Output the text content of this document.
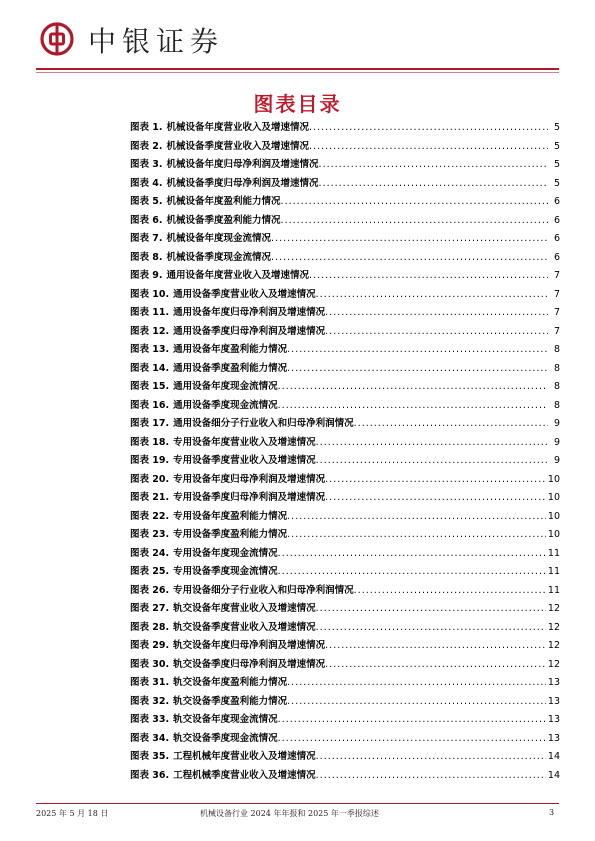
中银证券
图表目录
图表 1. 机械设备年度营业收入及增速情况 .....	5
图表 2. 机械设备季度营业收入及增速情况 .....	5
图表 3. 机械设备年度归母净利润及增速情况 .....	5
图表 4. 机械设备季度归母净利润及增速情况 .....	5
图表 5. 机械设备年度盈利能力情况 .....	6
图表 6. 机械设备季度盈利能力情况 .....	6
图表 7. 机械设备年度现金流情况 .....	6
图表 8. 机械设备季度现金流情况 .....	6
图表 9. 通用设备年度营业收入及增速情况 .....	7
图表 10. 通用设备季度营业收入及增速情况 .....	7
图表 11. 通用设备年度归母净利润及增速情况 .....	7
图表 12. 通用设备季度归母净利润及增速情况 .....	7
图表 13. 通用设备年度盈利能力情况 .....	8
图表 14. 通用设备季度盈利能力情况 .....	8
图表 15. 通用设备年度现金流情况 .....	8
图表 16. 通用设备季度现金流情况 .....	8
图表 17. 通用设备细分子行业收入和归母净利润情况 .....	9
图表 18. 专用设备年度营业收入及增速情况 .....	9
图表 19. 专用设备季度营业收入及增速情况 .....	9
图表 20. 专用设备年度归母净利润及增速情况 .....	10
图表 21. 专用设备季度归母净利润及增速情况 .....	10
图表 22. 专用设备年度盈利能力情况 .....	10
图表 23. 专用设备季度盈利能力情况 .....	10
图表 24. 专用设备年度现金流情况 .....	11
图表 25. 专用设备季度现金流情况 .....	11
图表 26. 专用设备细分子行业收入和归母净利润情况 .....	11
图表 27. 轨交设备年度营业收入及增速情况 .....	12
图表 28. 轨交设备季度营业收入及增速情况 .....	12
图表 29. 轨交设备年度归母净利润及增速情况 .....	12
图表 30. 轨交设备季度归母净利润及增速情况 .....	12
图表 31. 轨交设备年度盈利能力情况 .....	13
图表 32. 轨交设备季度盈利能力情况 .....	13
图表 33. 轨交设备年度现金流情况 .....	13
图表 34. 轨交设备季度现金流情况 .....	13
图表 35. 工程机械年度营业收入及增速情况 .....	14
图表 36. 工程机械季度营业收入及增速情况 .....	14
2025 年 5 月 18 日	机械设备行业 2024 年年报和 2025 年一季报综述	3
